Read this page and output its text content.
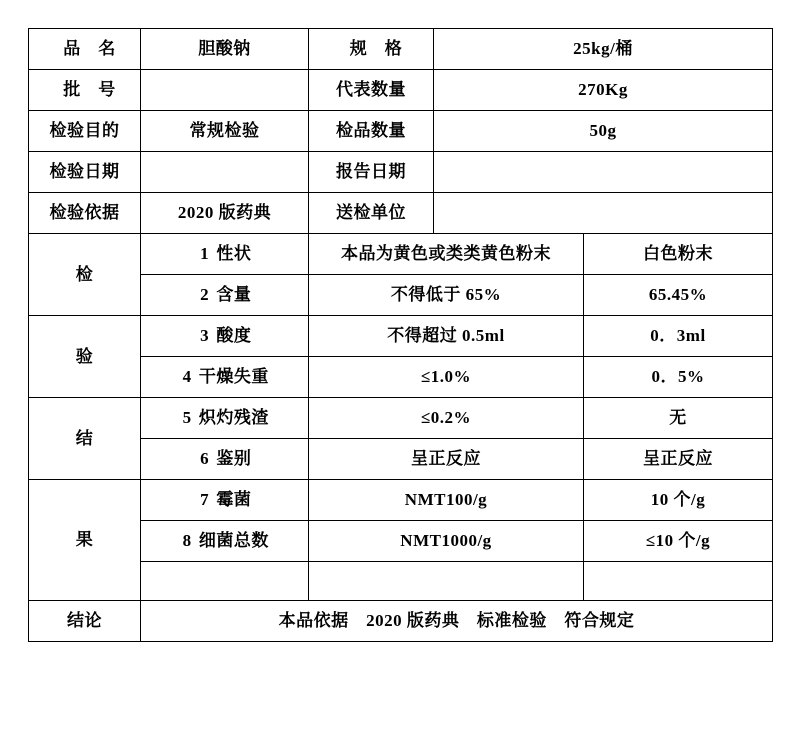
品　名	胆酸钠	规　格	25kg/桶	
批　号		代表数量	270Kg	
检验目的	常规检验	检品数量	50g	
检验日期		报告日期		
检验依据	2020 版药典	送检单位		
检	1 性状	本品为黄色或类类黄色粉末		白色粉末
	2 含量	不得低于 65%		65.45%
验	3 酸度	不得超过 0.5ml		0．3ml
	4 干燥失重	≤1.0%		0．5%
结	5 炽灼残渣	≤0.2%		无
	6 鉴别	呈正反应		呈正反应
果	7 霉菌	NMT100/g		10 个/g
	8 细菌总数	NMT1000/g		≤10 个/g

结论	本品依据　2020 版药典　标准检验　符合规定			
